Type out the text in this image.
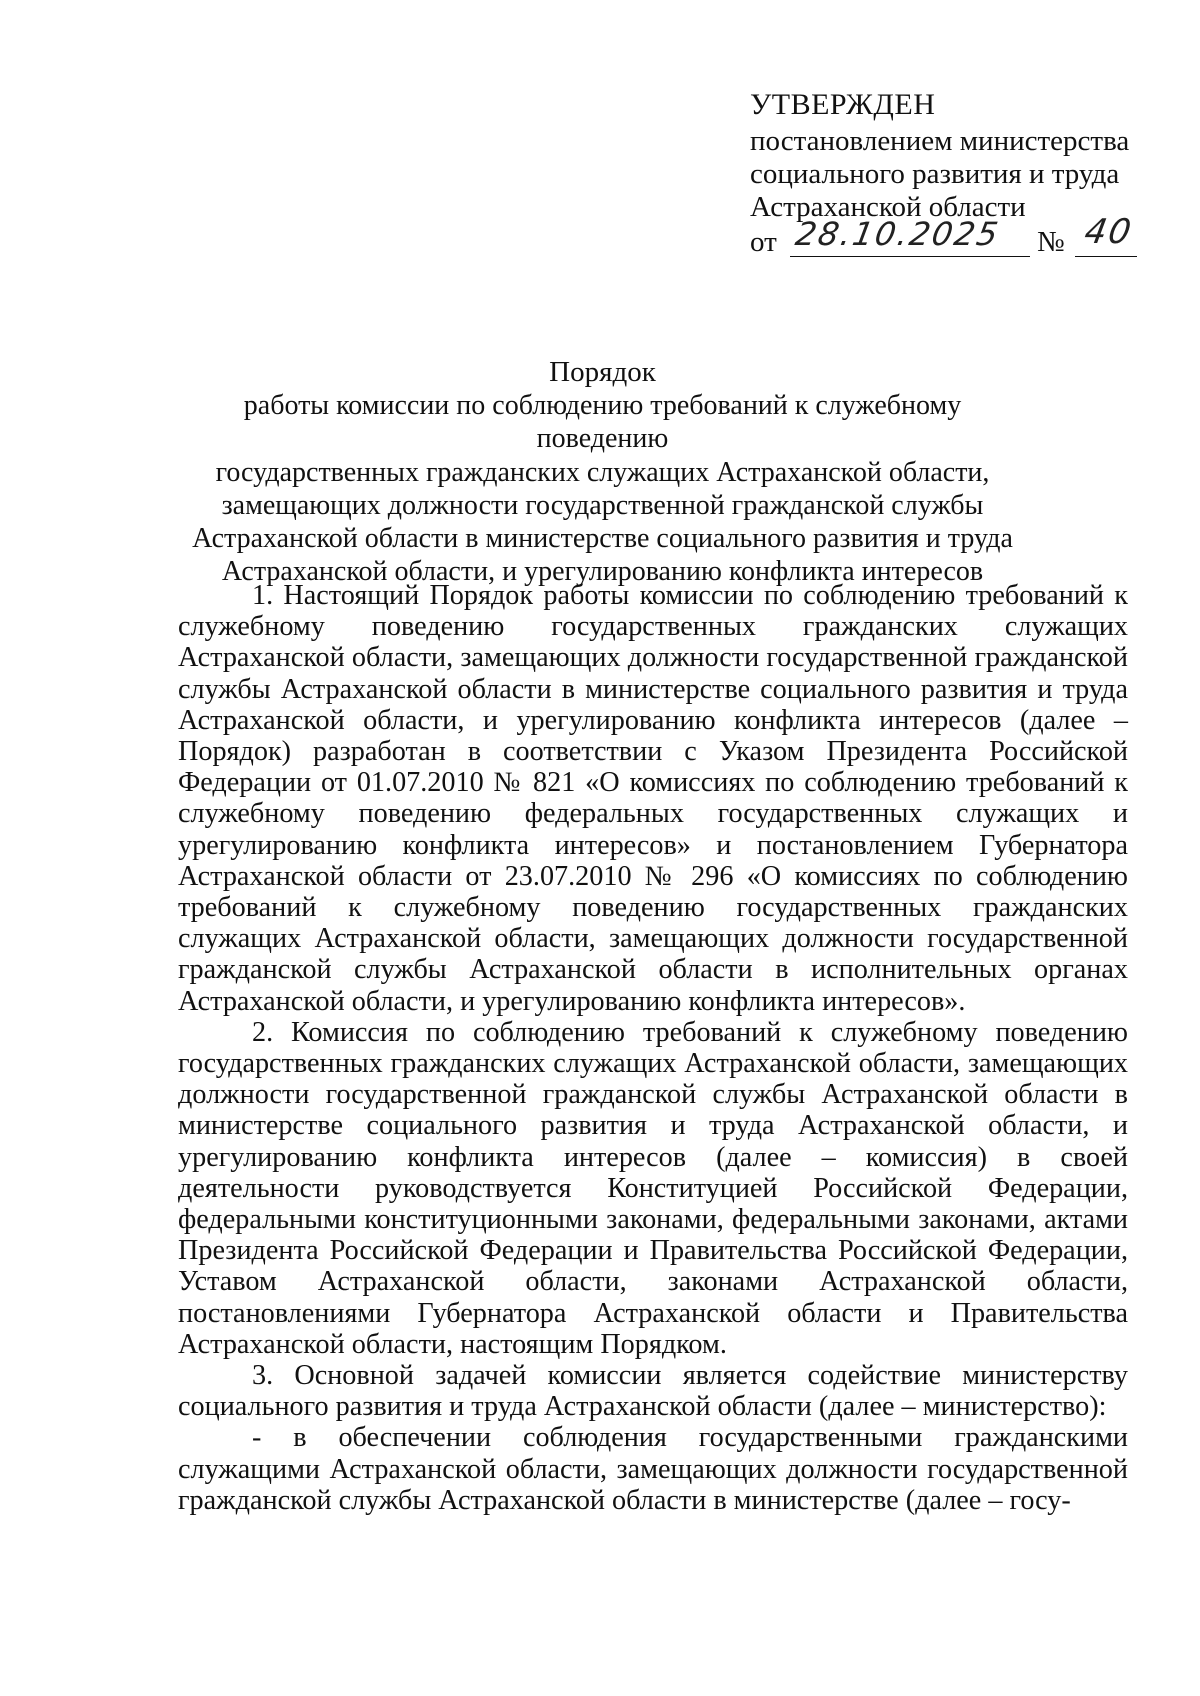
УТВЕРЖДЕН
постановлением министерства
социального развития и труда
Астраханской области
от 28.10.2025 № 40
Порядок
работы комиссии по соблюдению требований к служебному поведению
государственных гражданских служащих Астраханской области,
замещающих должности государственной гражданской службы
Астраханской области в министерстве социального развития и труда
Астраханской области, и урегулированию конфликта интересов

1. Настоящий Порядок работы комиссии по соблюдению требований к служебному поведению государственных гражданских служащих Астраханской области, замещающих должности государственной гражданской службы Астраханской области в министерстве социального развития и труда Астраханской области, и урегулированию конфликта интересов (далее – Порядок) разработан в соответствии с Указом Президента Российской Федерации от 01.07.2010 № 821 «О комиссиях по соблюдению требований к служебному поведению федеральных государственных служащих и урегулированию конфликта интересов» и постановлением Губернатора Астраханской области от 23.07.2010 № 296 «О комиссиях по соблюдению требований к служебному поведению государственных гражданских служащих Астраханской области, замещающих должности государственной гражданской службы Астраханской области в исполнительных органах Астраханской области, и урегулированию конфликта интересов».

2. Комиссия по соблюдению требований к служебному поведению государственных гражданских служащих Астраханской области, замещающих должности государственной гражданской службы Астраханской области в министерстве социального развития и труда Астраханской области, и урегулированию конфликта интересов (далее – комиссия) в своей деятельности руководствуется Конституцией Российской Федерации, федеральными конституционными законами, федеральными законами, актами Президента Российской Федерации и Правительства Российской Федерации, Уставом Астраханской области, законами Астраханской области, постановлениями Губернатора Астраханской области и Правительства Астраханской области, настоящим Порядком.

3. Основной задачей комиссии является содействие министерству социального развития и труда Астраханской области (далее – министерство):

- в обеспечении соблюдения государственными гражданскими служащими Астраханской области, замещающих должности государственной гражданской службы Астраханской области в министерстве (далее – госу-
